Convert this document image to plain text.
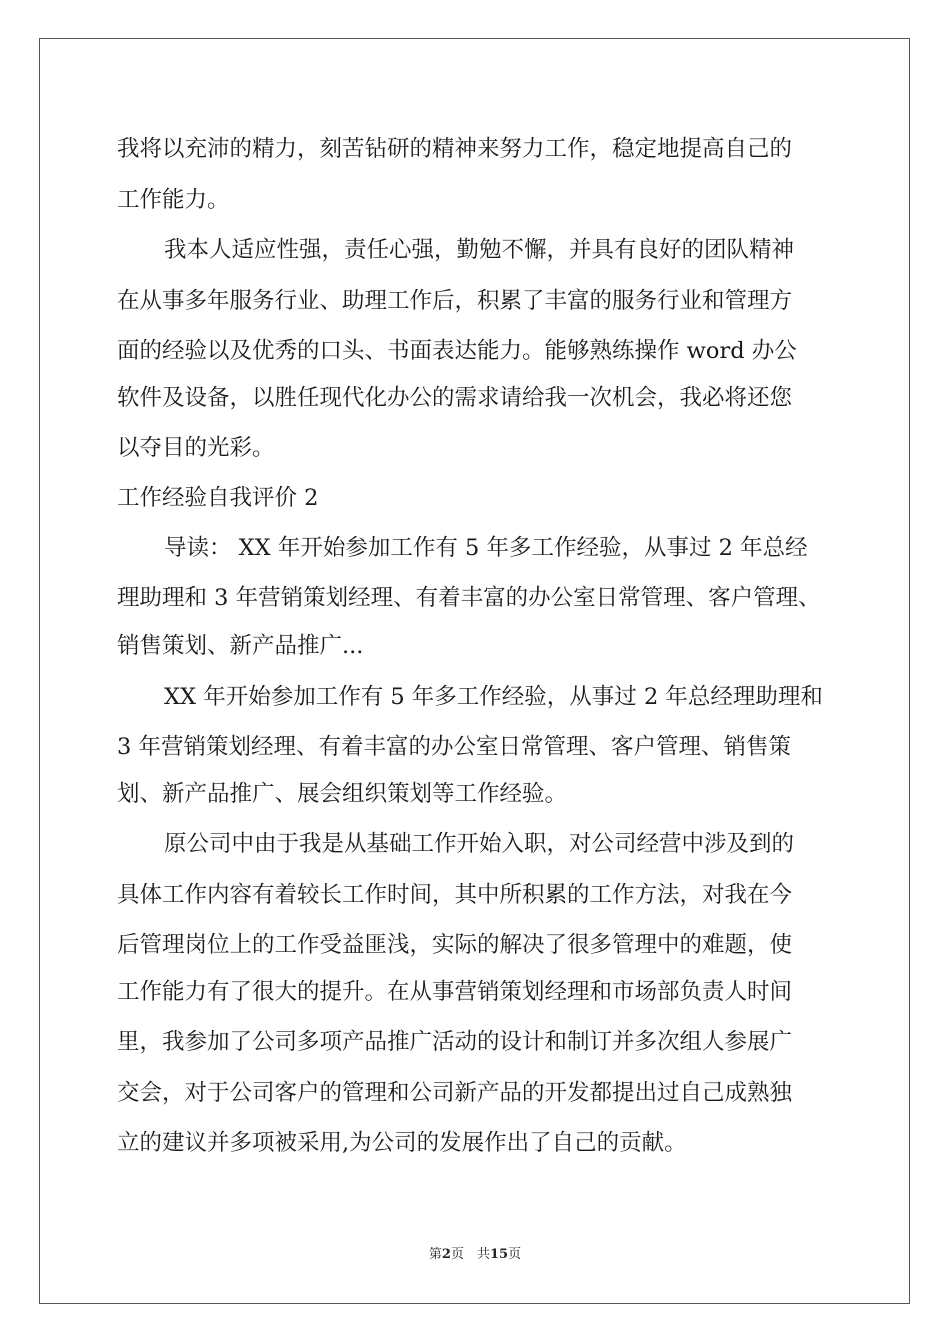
我将以充沛的精力，刻苦钻研的精神来努力工作，稳定地提高自己的

工作能力。

我本人适应性强，责任心强，勤勉不懈，并具有良好的团队精神

在从事多年服务行业、助理工作后，积累了丰富的服务行业和管理方

面的经验以及优秀的口头、书面表达能力。能够熟练操作 word 办公

软件及设备，以胜任现代化办公的需求请给我一次机会，我必将还您

以夺目的光彩。

工作经验自我评价 2

导读： XX 年开始参加工作有 5 年多工作经验，从事过 2 年总经

理助理和 3 年营销策划经理、有着丰富的办公室日常管理、客户管理、

销售策划、新产品推广...

XX 年开始参加工作有 5 年多工作经验，从事过 2 年总经理助理和

3 年营销策划经理、有着丰富的办公室日常管理、客户管理、销售策

划、新产品推广、展会组织策划等工作经验。

原公司中由于我是从基础工作开始入职，对公司经营中涉及到的

具体工作内容有着较长工作时间，其中所积累的工作方法，对我在今

后管理岗位上的工作受益匪浅，实际的解决了很多管理中的难题，使

工作能力有了很大的提升。在从事营销策划经理和市场部负责人时间

里，我参加了公司多项产品推广活动的设计和制订并多次组人参展广

交会，对于公司客户的管理和公司新产品的开发都提出过自己成熟独

立的建议并多项被采用,为公司的发展作出了自己的贡献。

第2页　共15页
